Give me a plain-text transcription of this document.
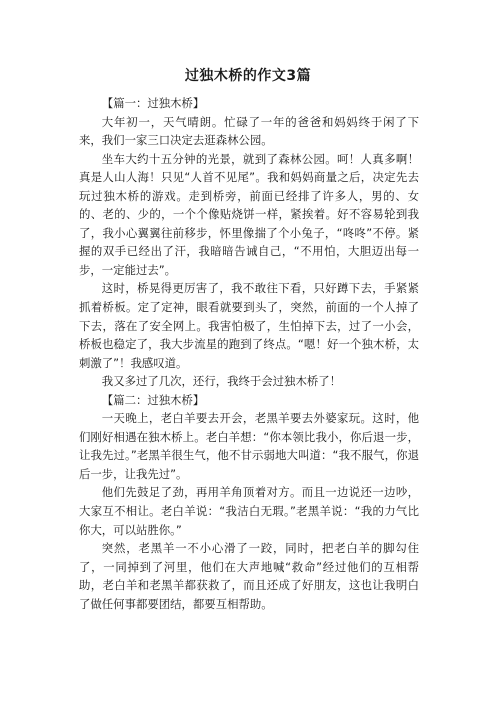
过独木桥的作文3篇

【篇一：过独木桥】

大年初一，天气晴朗。忙碌了一年的爸爸和妈妈终于闲了下来，我们一家三口决定去逛森林公园。

坐车大约十五分钟的光景，就到了森林公园。呵！人真多啊！真是人山人海！只见“人首不见尾”。我和妈妈商量之后，决定先去玩过独木桥的游戏。走到桥旁，前面已经排了许多人，男的、女的、老的、少的，一个个像贴烧饼一样，紧挨着。好不容易轮到我了，我小心翼翼往前移步，怀里像揣了个小兔子，“咚咚”不停。紧握的双手已经出了汗，我暗暗告诫自己，“不用怕，大胆迈出每一步，一定能过去”。

这时，桥晃得更厉害了，我不敢往下看，只好蹲下去，手紧紧抓着桥板。定了定神，眼看就要到头了，突然，前面的一个人掉了下去，落在了安全网上。我害怕极了，生怕掉下去，过了一小会，桥板也稳定了，我大步流星的跑到了终点。“嗯！好一个独木桥，太刺激了”！我感叹道。

我又多过了几次，还行，我终于会过独木桥了！

【篇二：过独木桥】

一天晚上，老白羊要去开会，老黑羊要去外婆家玩。这时，他们刚好相遇在独木桥上。老白羊想：“你本领比我小，你后退一步，让我先过。”老黑羊很生气，他不甘示弱地大叫道：“我不服气，你退后一步，让我先过”。

他们先鼓足了劲，再用羊角顶着对方。而且一边说还一边吵，大家互不相让。老白羊说：“我洁白无瑕。”老黑羊说：“我的力气比你大，可以站胜你。”

突然，老黑羊一不小心滑了一跤，同时，把老白羊的脚勾住了，一同掉到了河里，他们在大声地喊“救命”经过他们的互相帮助，老白羊和老黑羊都获救了，而且还成了好朋友，这也让我明白了做任何事都要团结，都要互相帮助。
